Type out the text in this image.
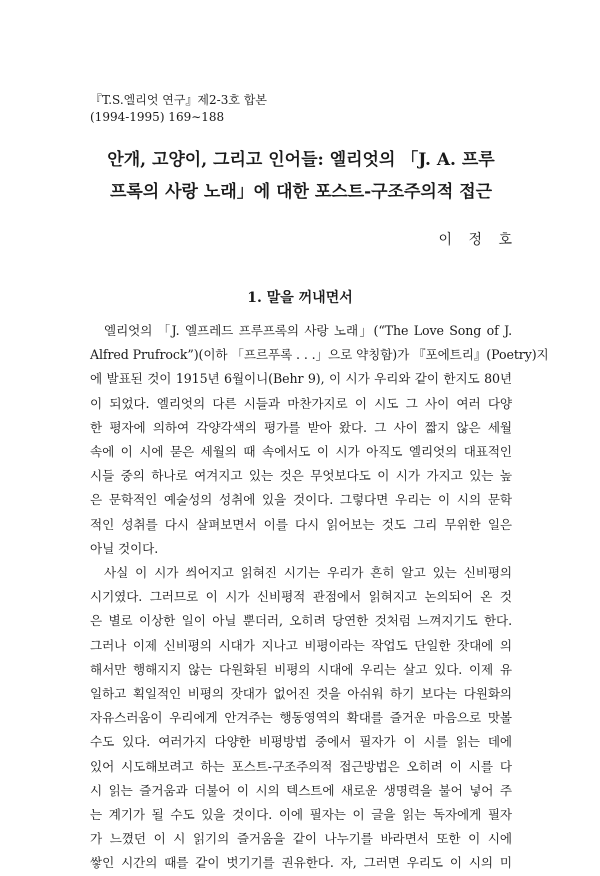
『T.S.엘리엇 연구』제2-3호 합본
(1994-1995) 169∼188
안개, 고양이, 그리고 인어들: 엘리엇의 「J. A. 프루
프록의 사랑 노래」에 대한 포스트-구조주의적 접근
이 정 호
1. 말을 꺼내면서
엘리엇의 「J. 엘프레드 프루프록의 사랑 노래」(“The Love Song of J.
Alfred Prufrock”)(이하 「프르푸록 . . .」으로 약칭함)가 『포에트리』(Poetry)지
에 발표된 것이 1915년 6월이니(Behr 9), 이 시가 우리와 같이 한지도 80년
이 되었다. 엘리엇의 다른 시들과 마찬가지로 이 시도 그 사이 여러 다양
한 평자에 의하여 각양각색의 평가를 받아 왔다. 그 사이 짧지 않은 세월
속에 이 시에 묻은 세월의 때 속에서도 이 시가 아직도 엘리엇의 대표적인
시들 중의 하나로 여겨지고 있는 것은 무엇보다도 이 시가 가지고 있는 높
은 문학적인 예술성의 성취에 있을 것이다. 그렇다면 우리는 이 시의 문학
적인 성취를 다시 살펴보면서 이를 다시 읽어보는 것도 그리 무위한 일은
아닐 것이다.
사실 이 시가 씌어지고 읽혀진 시기는 우리가 흔히 알고 있는 신비평의
시기였다. 그러므로 이 시가 신비평적 관점에서 읽혀지고 논의되어 온 것
은 별로 이상한 일이 아닐 뿐더러, 오히려 당연한 것처럼 느껴지기도 한다.
그러나 이제 신비평의 시대가 지나고 비평이라는 작업도 단일한 잣대에 의
해서만 행해지지 않는 다원화된 비평의 시대에 우리는 살고 있다. 이제 유
일하고 획일적인 비평의 잣대가 없어진 것을 아쉬워 하기 보다는 다원화의
자유스러움이 우리에게 안겨주는 행동영역의 확대를 즐거운 마음으로 맛볼
수도 있다. 여러가지 다양한 비평방법 중에서 필자가 이 시를 읽는 데에
있어 시도해보려고 하는 포스트-구조주의적 접근방법은 오히려 이 시를 다
시 읽는 즐거움과 더불어 이 시의 텍스트에 새로운 생명력을 불어 넣어 주
는 계기가 될 수도 있을 것이다. 이에 필자는 이 글을 읽는 독자에게 필자
가 느꼈던 이 시 읽기의 즐거움을 같이 나누기를 바라면서 또한 이 시에
쌓인 시간의 때를 같이 벗기기를 권유한다. 자, 그러면 우리도 이 시의 미
